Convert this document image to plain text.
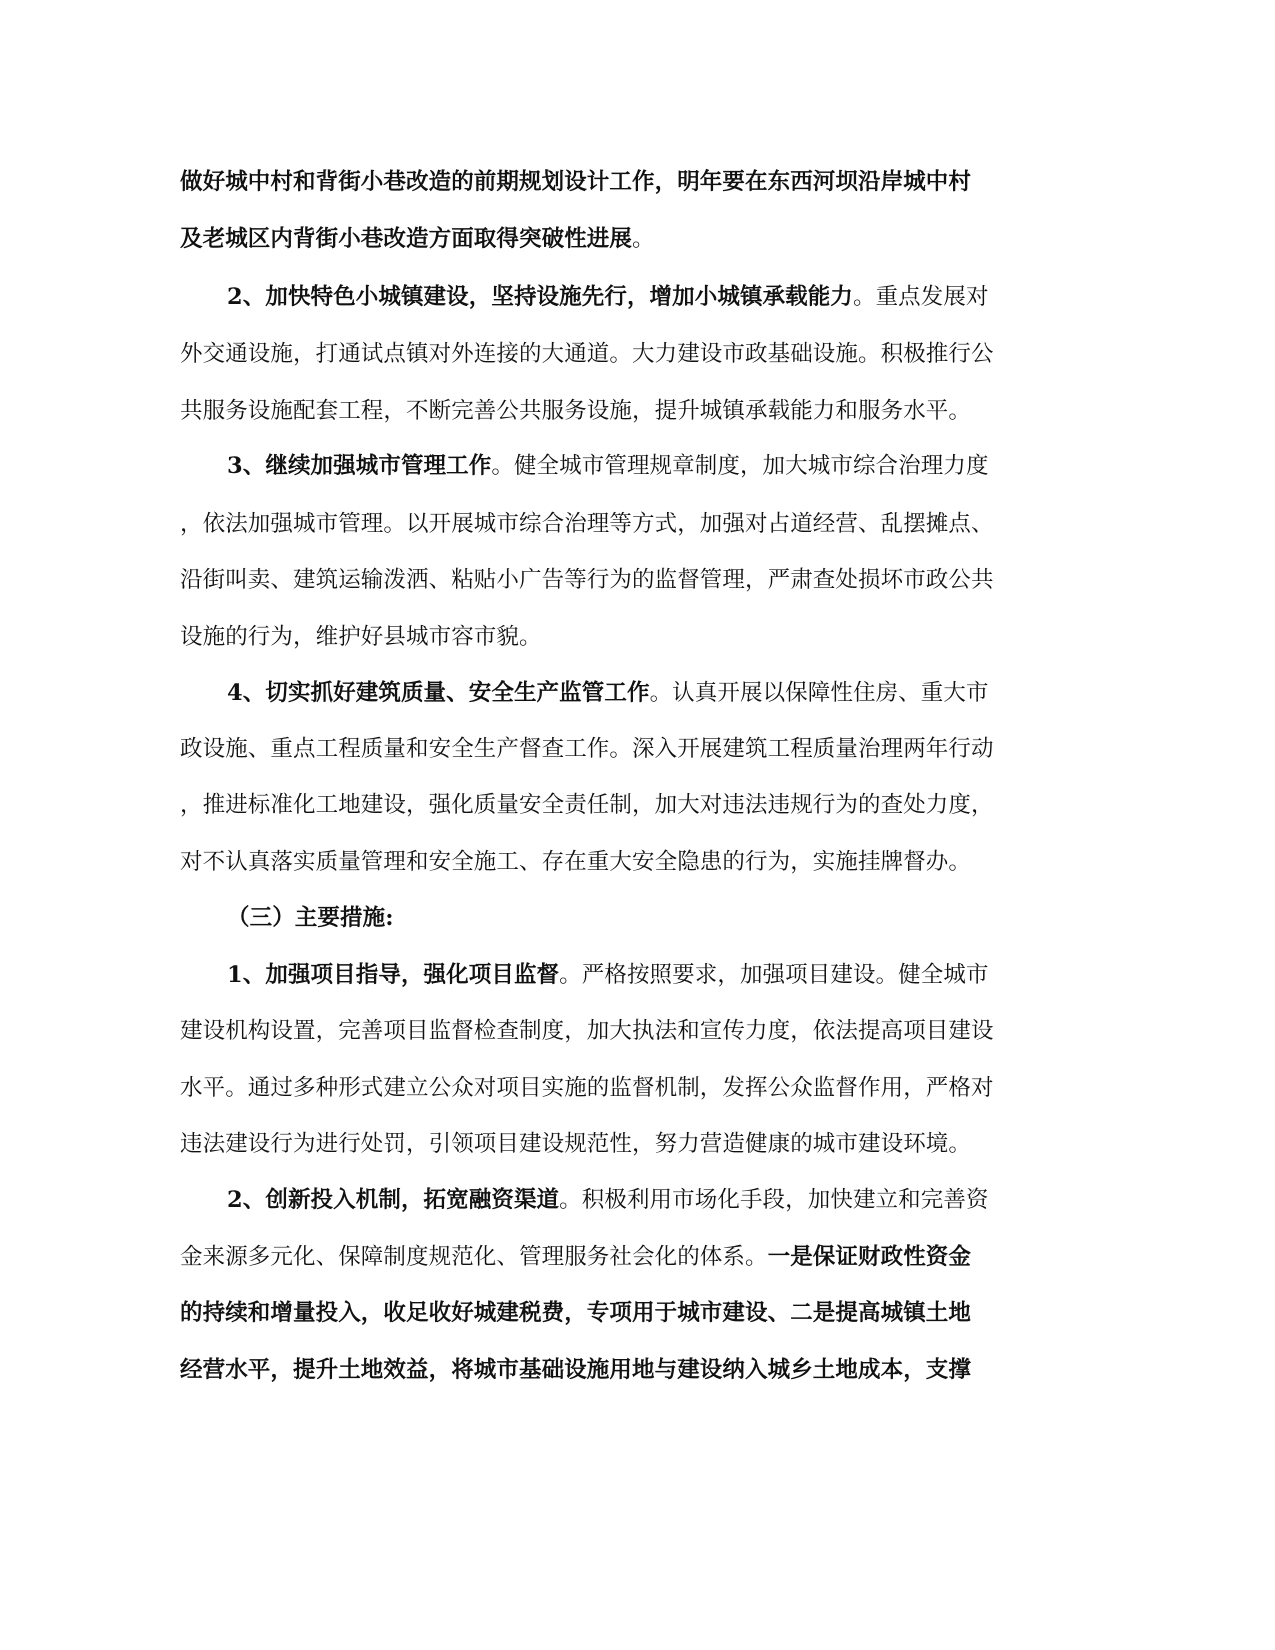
做好城中村和背街小巷改造的前期规划设计工作，明年要在东西河坝沿岸城中村

及老城区内背街小巷改造方面取得突破性进展。

2、加快特色小城镇建设，坚持设施先行，增加小城镇承载能力。重点发展对

外交通设施，打通试点镇对外连接的大通道。大力建设市政基础设施。积极推行公

共服务设施配套工程，不断完善公共服务设施，提升城镇承载能力和服务水平。

3、继续加强城市管理工作。健全城市管理规章制度，加大城市综合治理力度

，依法加强城市管理。以开展城市综合治理等方式，加强对占道经营、乱摆摊点、

沿街叫卖、建筑运输泼洒、粘贴小广告等行为的监督管理，严肃查处损坏市政公共

设施的行为，维护好县城市容市貌。

4、切实抓好建筑质量、安全生产监管工作。认真开展以保障性住房、重大市

政设施、重点工程质量和安全生产督查工作。深入开展建筑工程质量治理两年行动

，推进标准化工地建设，强化质量安全责任制，加大对违法违规行为的查处力度，

对不认真落实质量管理和安全施工、存在重大安全隐患的行为，实施挂牌督办。

（三）主要措施:

1、加强项目指导，强化项目监督。严格按照要求，加强项目建设。健全城市

建设机构设置，完善项目监督检查制度，加大执法和宣传力度，依法提高项目建设

水平。通过多种形式建立公众对项目实施的监督机制，发挥公众监督作用，严格对

违法建设行为进行处罚，引领项目建设规范性，努力营造健康的城市建设环境。

2、创新投入机制，拓宽融资渠道。积极利用市场化手段，加快建立和完善资

金来源多元化、保障制度规范化、管理服务社会化的体系。一是保证财政性资金

的持续和增量投入，收足收好城建税费，专项用于城市建设、二是提高城镇土地

经营水平，提升土地效益，将城市基础设施用地与建设纳入城乡土地成本，支撑
